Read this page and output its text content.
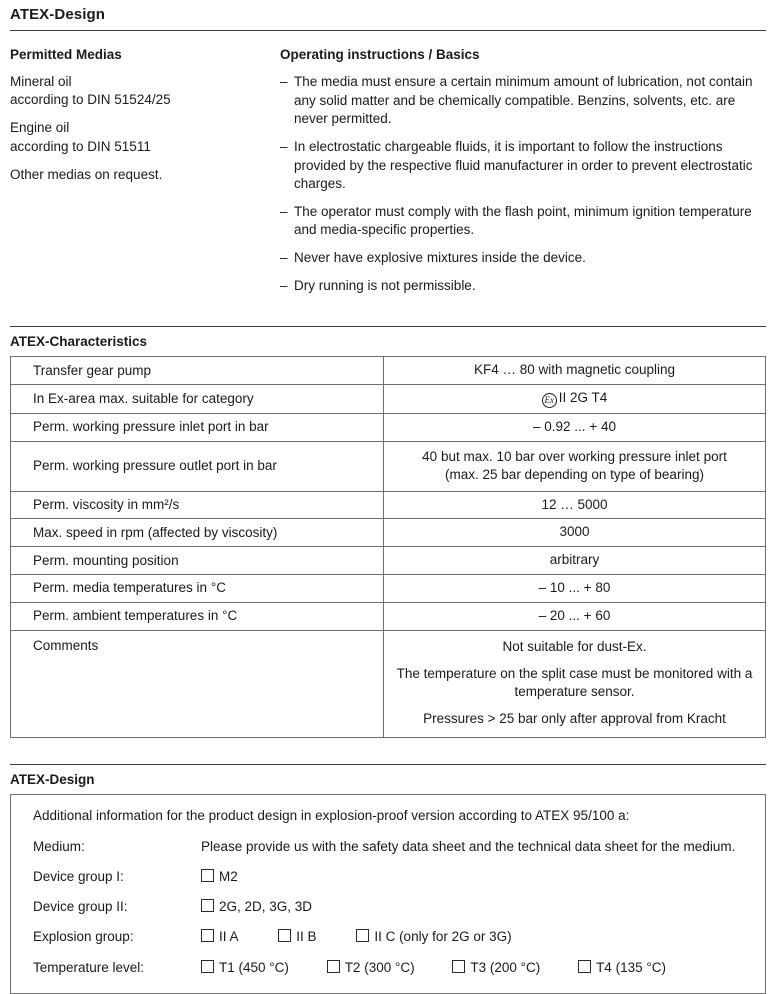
ATEX-Design
Permitted Medias
Mineral oil
according to DIN 51524/25
Engine oil
according to DIN 51511
Other medias on request.
Operating instructions / Basics
– The media must ensure a certain minimum amount of lubrication, not contain any solid matter and be chemically compatible. Benzins, solvents, etc. are never permitted.
– In electrostatic chargeable fluids, it is important to follow the instructions provided by the respective fluid manufacturer in order to prevent electrostatic charges.
– The operator must comply with the flash point, minimum ignition temperature and media-specific properties.
– Never have explosive mixtures inside the device.
– Dry running is not permissible.
ATEX-Characteristics
Transfer gear pump	KF4 … 80 with magnetic coupling
In Ex-area max. suitable for category	Ex II 2G T4
Perm. working pressure inlet port in bar	– 0.92 ... + 40
Perm. working pressure outlet port in bar	40 but max. 10 bar over working pressure inlet port
(max. 25 bar depending on type of bearing)
Perm. viscosity in mm²/s	12 … 5000
Max. speed in rpm (affected by viscosity)	3000
Perm. mounting position	arbitrary
Perm. media temperatures in °C	– 10 ... + 80
Perm. ambient temperatures in °C	– 20 ... + 60
Comments	Not suitable for dust-Ex.

The temperature on the split case must be monitored with a temperature sensor.

Pressures > 25 bar only after approval from Kracht

ATEX-Design
Additional information for the product design in explosion-proof version according to ATEX 95/100 a:
Medium:	Please provide us with the safety data sheet and the technical data sheet for the medium.
Device group I:	M2
Device group II:	2G, 2D, 3G, 3D
Explosion group:	II A	II B	II C (only for 2G or 3G)
Temperature level:	T1 (450 °C)	T2 (300 °C)	T3 (200 °C)	T4 (135 °C)
